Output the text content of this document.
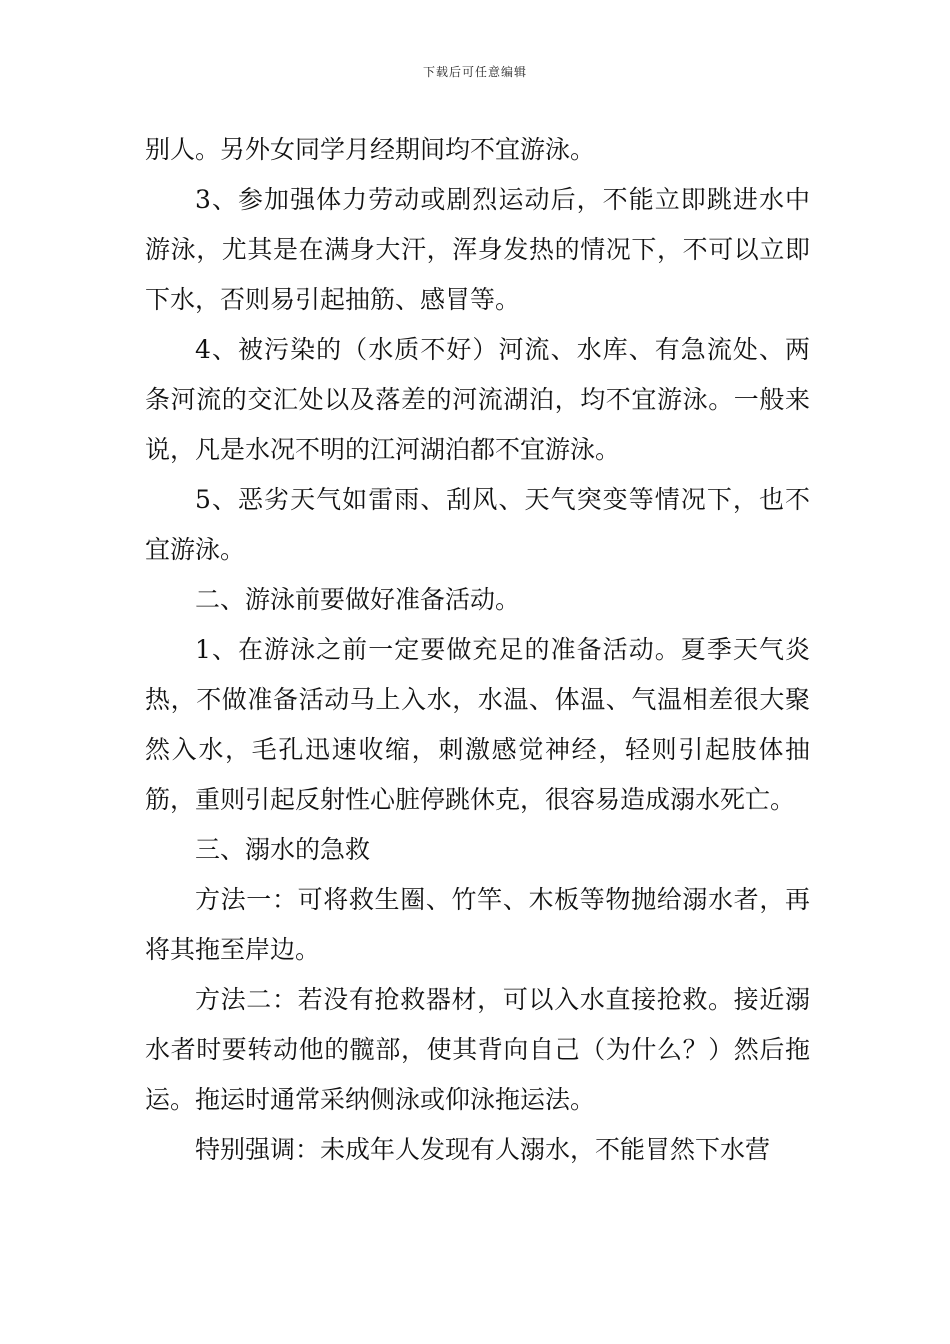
下载后可任意编辑

别人。另外女同学月经期间均不宜游泳。

3、参加强体力劳动或剧烈运动后，不能立即跳进水中游泳，尤其是在满身大汗，浑身发热的情况下，不可以立即下水，否则易引起抽筋、感冒等。

4、被污染的（水质不好）河流、水库、有急流处、两条河流的交汇处以及落差的河流湖泊，均不宜游泳。一般来说，凡是水况不明的江河湖泊都不宜游泳。

5、恶劣天气如雷雨、刮风、天气突变等情况下，也不宜游泳。

二、游泳前要做好准备活动。

1、在游泳之前一定要做充足的准备活动。夏季天气炎热，不做准备活动马上入水，水温、体温、气温相差很大聚然入水，毛孔迅速收缩，刺激感觉神经，轻则引起肢体抽筋，重则引起反射性心脏停跳休克，很容易造成溺水死亡。

三、溺水的急救

方法一：可将救生圈、竹竿、木板等物抛给溺水者，再将其拖至岸边。

方法二：若没有抢救器材，可以入水直接抢救。接近溺水者时要转动他的髋部，使其背向自己（为什么？）然后拖运。拖运时通常采纳侧泳或仰泳拖运法。

特别强调：未成年人发现有人溺水，不能冒然下水营
